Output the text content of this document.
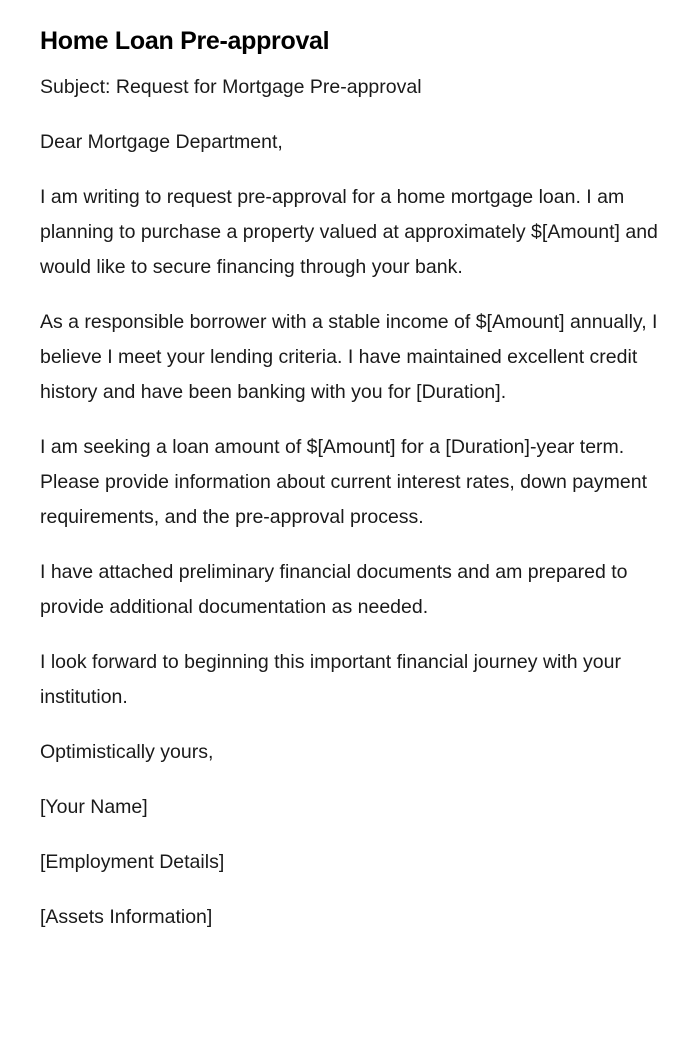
Home Loan Pre-approval

Subject: Request for Mortgage Pre-approval

Dear Mortgage Department,

I am writing to request pre-approval for a home mortgage loan. I am planning to purchase a property valued at approximately $[Amount] and would like to secure financing through your bank.

As a responsible borrower with a stable income of $[Amount] annually, I believe I meet your lending criteria. I have maintained excellent credit history and have been banking with you for [Duration].

I am seeking a loan amount of $[Amount] for a [Duration]-year term. Please provide information about current interest rates, down payment requirements, and the pre-approval process.

I have attached preliminary financial documents and am prepared to provide additional documentation as needed.

I look forward to beginning this important financial journey with your institution.

Optimistically yours,

[Your Name]

[Employment Details]

[Assets Information]
